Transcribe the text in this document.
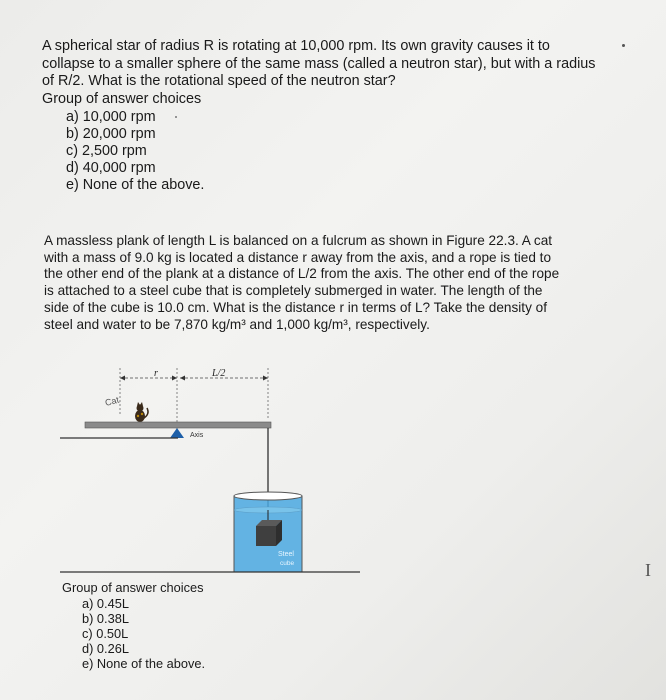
A spherical star of radius R is rotating at 10,000 rpm. Its own gravity causes it to
collapse to a smaller sphere of the same mass (called a neutron star), but with a radius
of R/2. What is the rotational speed of the neutron star?
Group of answer choices
a) 10,000 rpm
b) 20,000 rpm
c) 2,500 rpm
d) 40,000 rpm
e) None of the above.
A massless plank of length L is balanced on a fulcrum as shown in Figure 22.3. A cat
with a mass of 9.0 kg is located a distance r away from the axis, and a rope is tied to
the other end of the plank at a distance of L/2 from the axis. The other end of the rope
is attached to a steel cube that is completely submerged in water. The length of the
side of the cube is 10.0 cm. What is the distance r in terms of L? Take the density of
steel and water to be 7,870 kg/m³ and 1,000 kg/m³, respectively.
r	L/2
Cat
Axis
Steel
cube
Group of answer choices
a) 0.45L
b) 0.38L
c) 0.50L
d) 0.26L
e) None of the above.
I
